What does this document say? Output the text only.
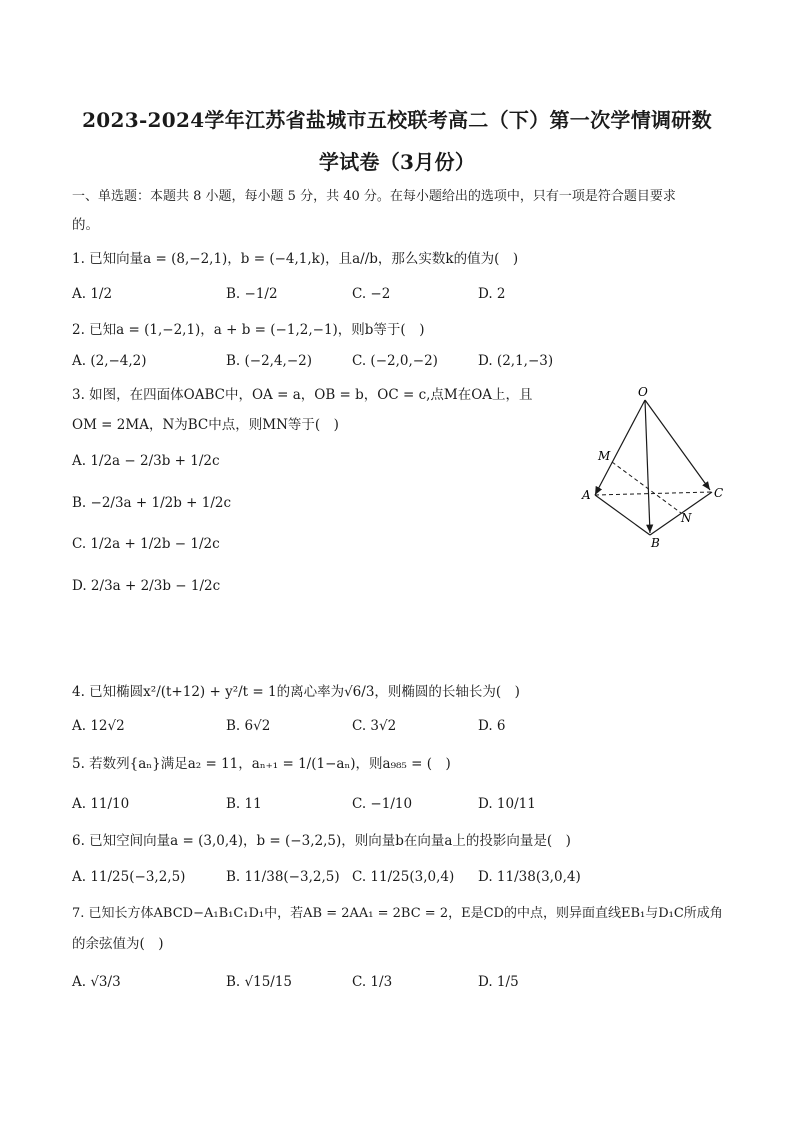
2023-2024学年江苏省盐城市五校联考高二（下）第一次学情调研数
学试卷（3月份）
一、单选题：本题共 8 小题，每小题 5 分，共 40 分。在每小题给出的选项中，只有一项是符合题目要求
的。
1. 已知向量a = (8,−2,1)，b = (−4,1,k)，且a//b，那么实数k的值为(　)
A. 1/2	B. −1/2	C. −2	D. 2
2. 已知a = (1,−2,1)，a + b = (−1,2,−1)，则b等于(　)
A. (2,−4,2)	B. (−2,4,−2)	C. (−2,0,−2)	D. (2,1,−3)
3. 如图，在四面体OABC中，OA = a，OB = b，OC = c,点M在OA上，且
OM = 2MA，N为BC中点，则MN等于(　)
A. 1/2a − 2/3b + 1/2c
B. −2/3a + 1/2b + 1/2c
C. 1/2a + 1/2b − 1/2c
D. 2/3a + 2/3b − 1/2c
O
M
A	C
N
B
4. 已知椭圆x²/(t+12) + y²/t = 1的离心率为√6/3，则椭圆的长轴长为(　)
A. 12√2	B. 6√2	C. 3√2	D. 6
5. 若数列{aₙ}满足a₂ = 11，aₙ₊₁ = 1/(1−aₙ)，则a₉₈₅ = (　)
A. 11/10	B. 11	C. −1/10	D. 10/11
6. 已知空间向量a = (3,0,4)，b = (−3,2,5)，则向量b在向量a上的投影向量是(　)
A. 11/25(−3,2,5)	B. 11/38(−3,2,5) C. 11/25(3,0,4) D. 11/38(3,0,4)
7. 已知长方体ABCD−A₁B₁C₁D₁中，若AB = 2AA₁ = 2BC = 2，E是CD的中点，则异面直线EB₁与D₁C所成角
的余弦值为(　)
A. √3/3	B. √15/15	C. 1/3	D. 1/5
